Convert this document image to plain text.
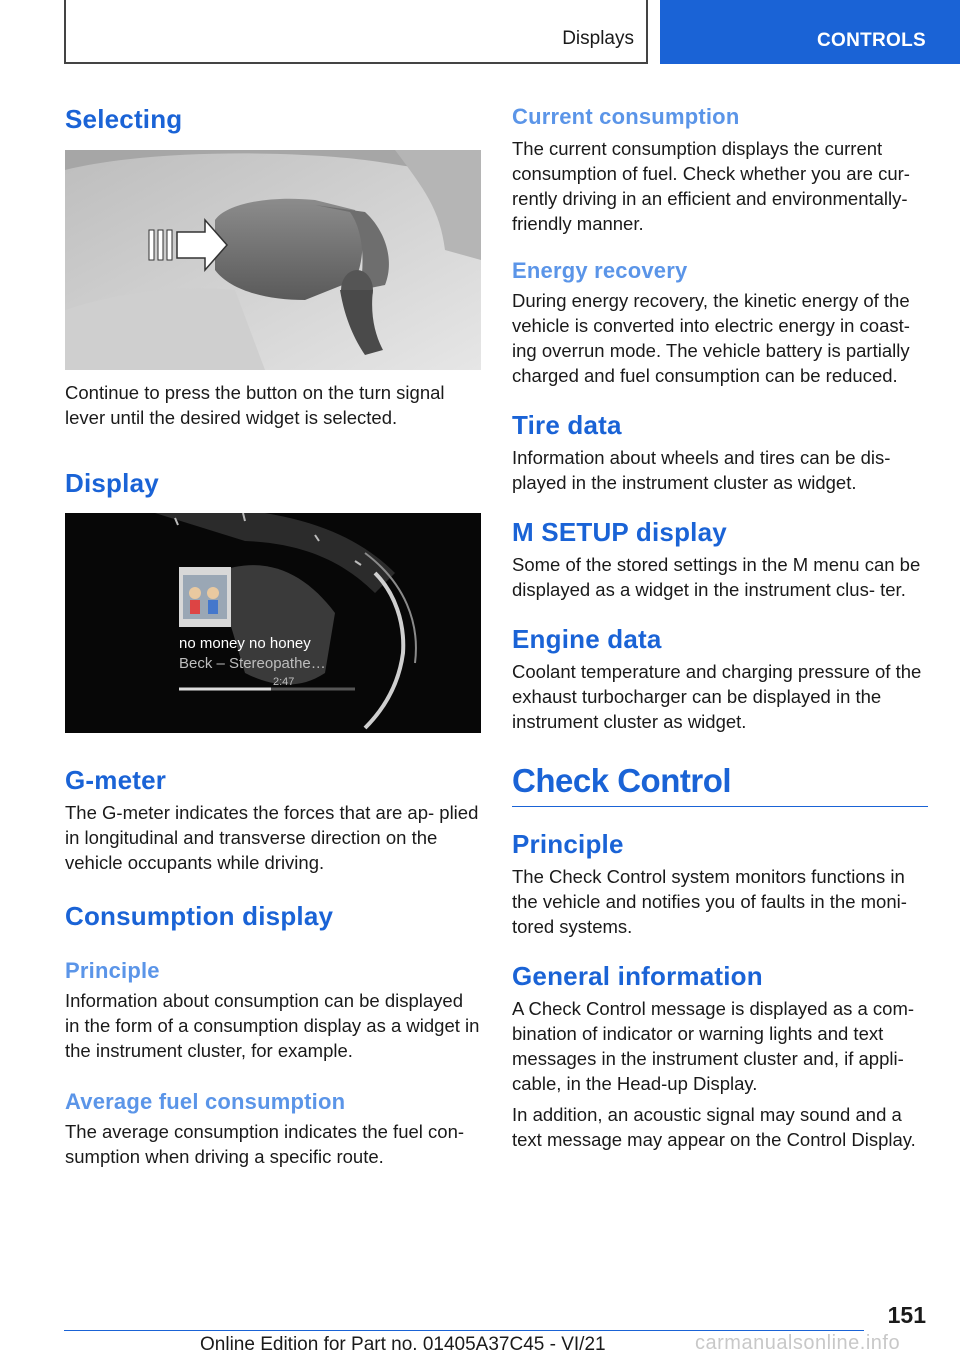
Displays	CONTROLS
Selecting

Continue to press the button on the turn signal lever until the desired widget is selected.

Display
no money no honey
Beck – Stereopathe…
2:47
G-meter

The G-meter indicates the forces that are ap‐ plied in longitudinal and transverse direction on the vehicle occupants while driving.

Consumption display
Principle

Information about consumption can be displayed in the form of a consumption display as a widget in the instrument cluster, for example.

Average fuel consumption

The average consumption indicates the fuel con‐ sumption when driving a specific route.

Current consumption

The current consumption displays the current consumption of fuel. Check whether you are cur‐ rently driving in an efficient and environmentally- friendly manner.

Energy recovery

During energy recovery, the kinetic energy of the vehicle is converted into electric energy in coast‐ ing overrun mode. The vehicle battery is partially charged and fuel consumption can be reduced.

Tire data

Information about wheels and tires can be dis‐ played in the instrument cluster as widget.

M SETUP display

Some of the stored settings in the M menu can be displayed as a widget in the instrument clus‐ ter.

Engine data

Coolant temperature and charging pressure of the exhaust turbocharger can be displayed in the instrument cluster as widget.

Check Control
Principle

The Check Control system monitors functions in the vehicle and notifies you of faults in the moni‐ tored systems.

General information

A Check Control message is displayed as a com‐ bination of indicator or warning lights and text messages in the instrument cluster and, if appli‐ cable, in the Head-up Display.

In addition, an acoustic signal may sound and a text message may appear on the Control Display.

151
Online Edition for Part no. 01405A37C45 - VI/21	carmanualsonline.info
